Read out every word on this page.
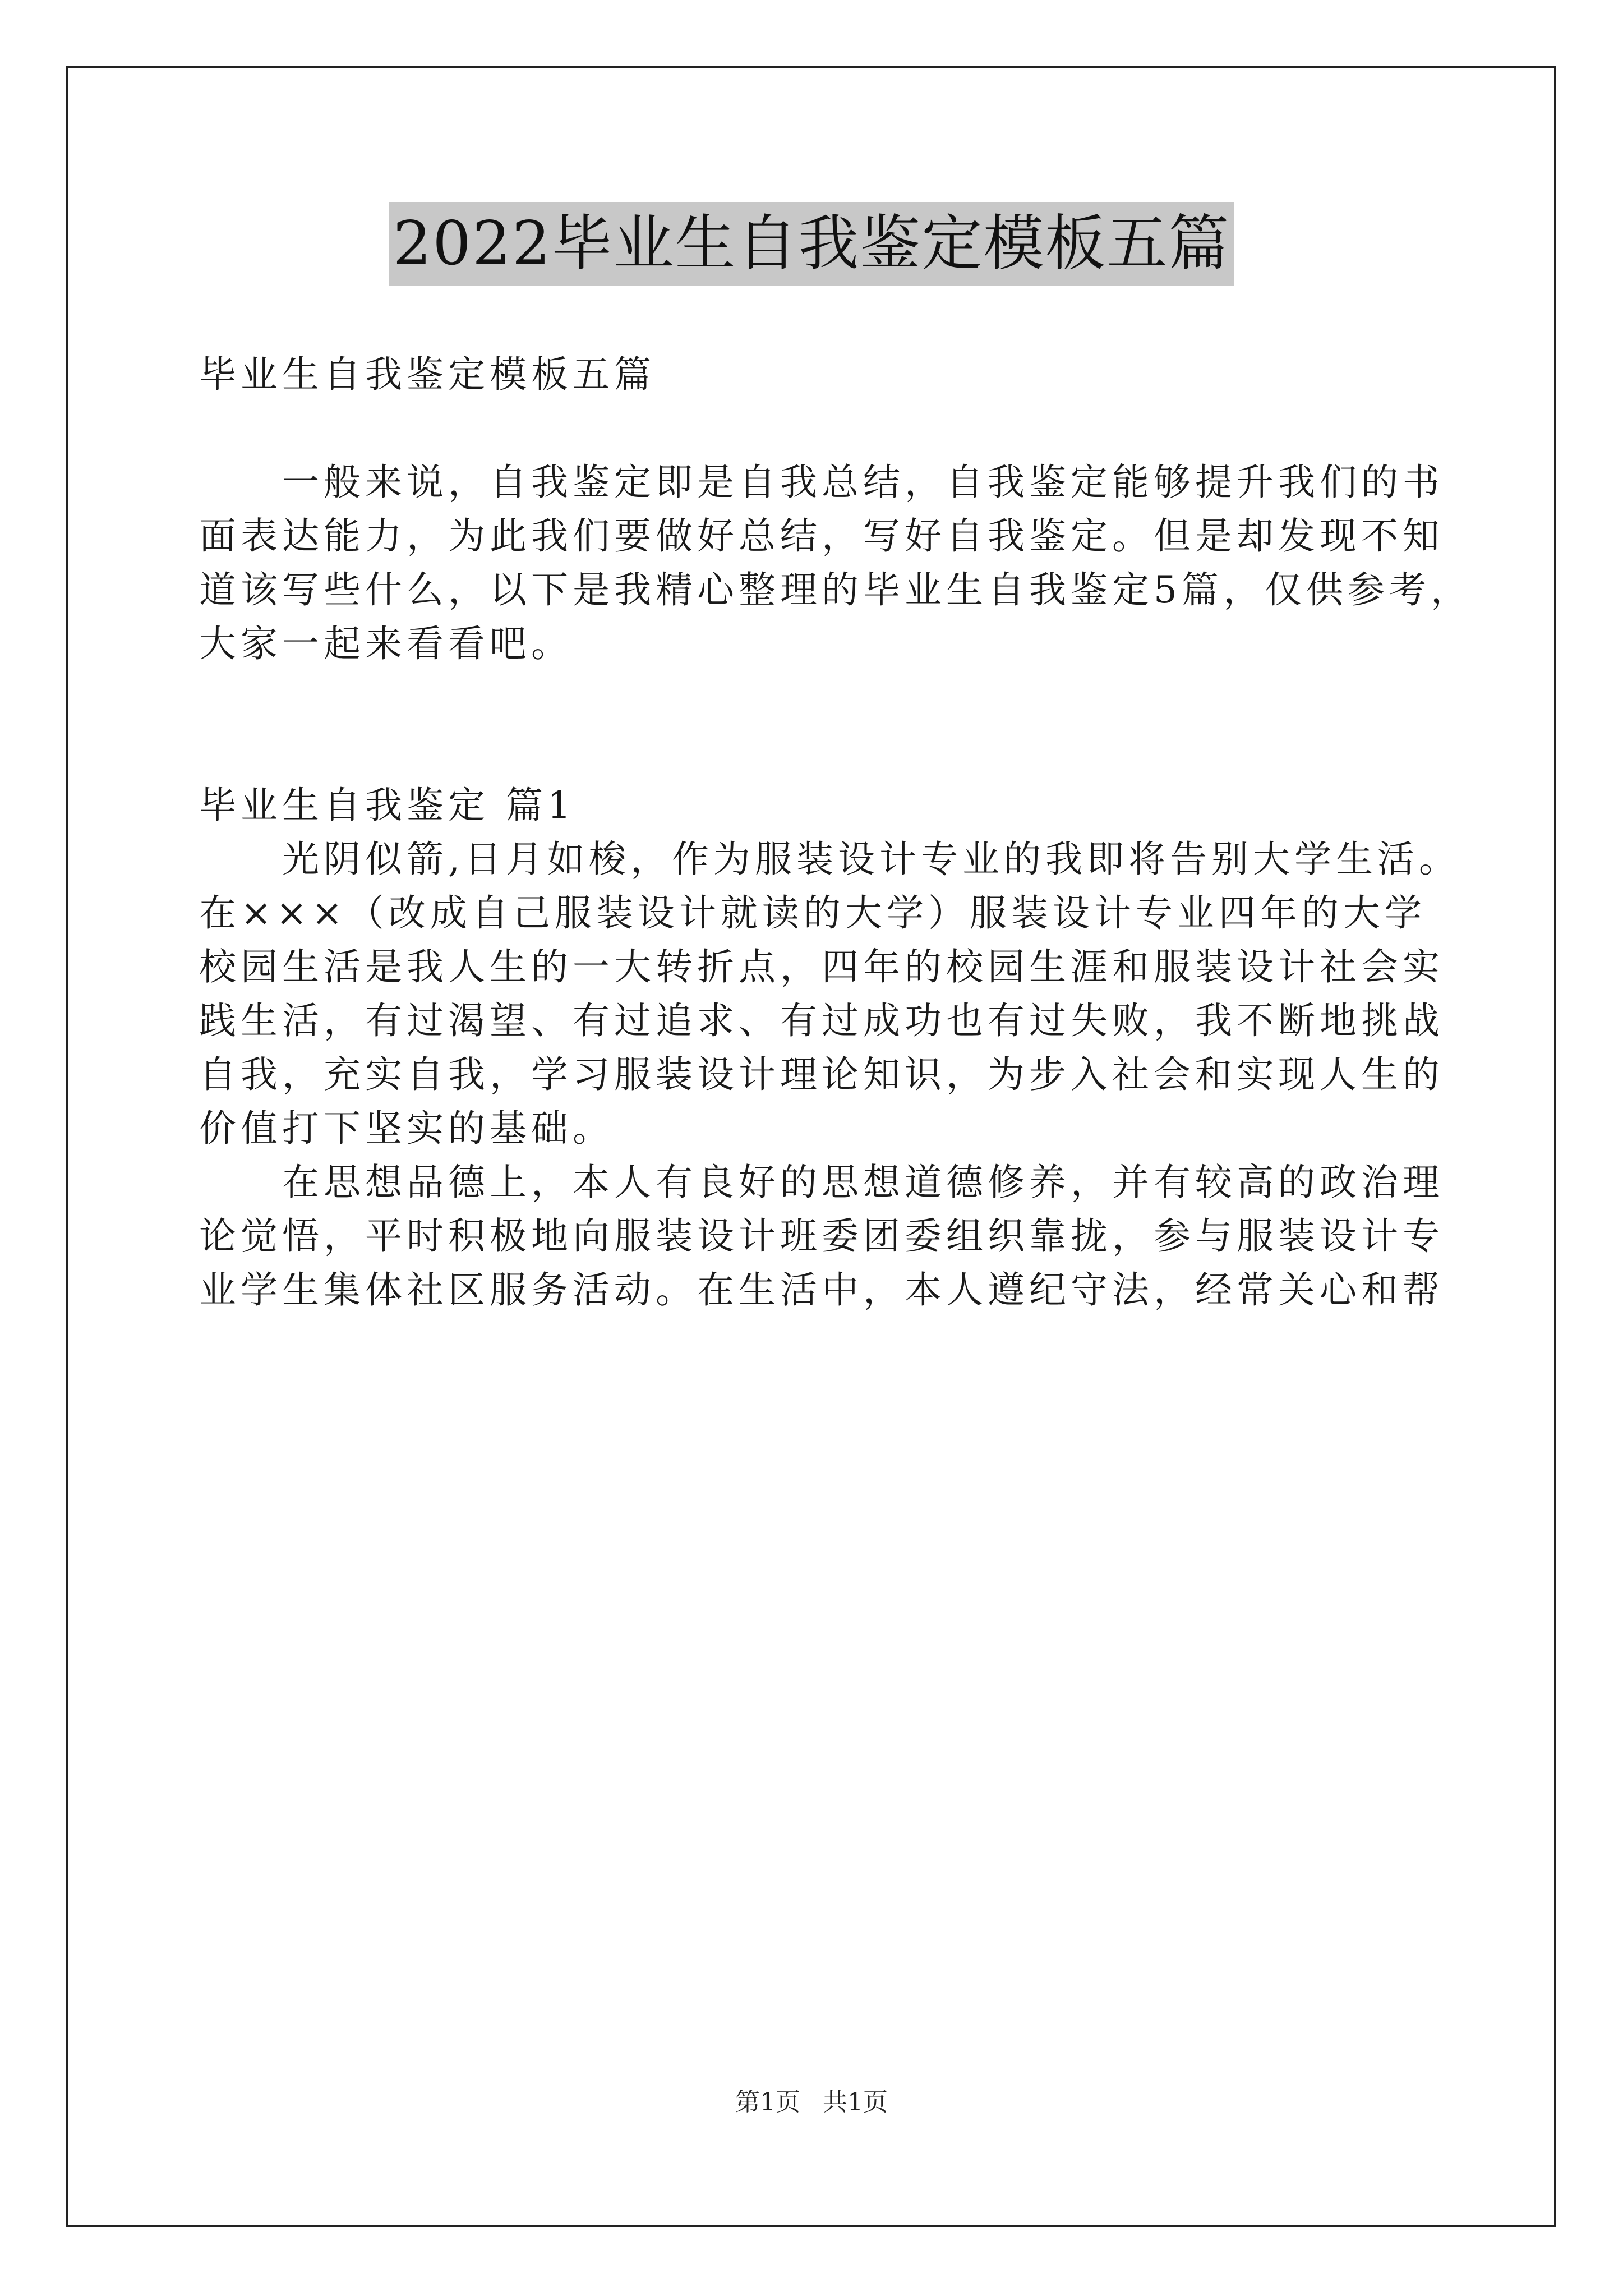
2022毕业生自我鉴定模板五篇
毕业生自我鉴定模板五篇
　　一般来说，自我鉴定即是自我总结，自我鉴定能够提升我们的书
面表达能力，为此我们要做好总结，写好自我鉴定。但是却发现不知
道该写些什么，以下是我精心整理的毕业生自我鉴定5篇，仅供参考，
大家一起来看看吧。
毕业生自我鉴定 篇1
　　光阴似箭,日月如梭，作为服装设计专业的我即将告别大学生活。
在×××（改成自己服装设计就读的大学）服装设计专业四年的大学
校园生活是我人生的一大转折点，四年的校园生涯和服装设计社会实
践生活，有过渴望、有过追求、有过成功也有过失败，我不断地挑战
自我，充实自我，学习服装设计理论知识，为步入社会和实现人生的
价值打下坚实的基础。
　　在思想品德上，本人有良好的思想道德修养，并有较高的政治理
论觉悟，平时积极地向服装设计班委团委组织靠拢，参与服装设计专
业学生集体社区服务活动。在生活中，本人遵纪守法，经常关心和帮
第1页 共1页
